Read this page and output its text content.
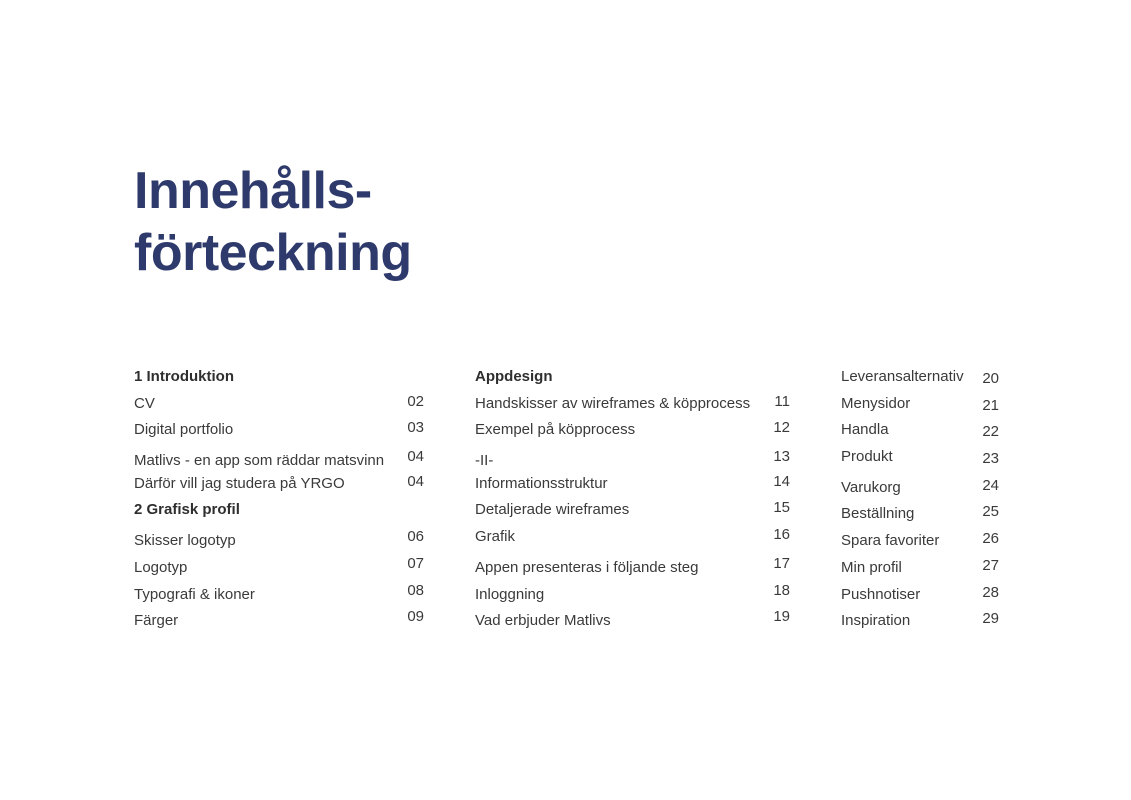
Innehålls-
förteckning
1 Introduktion
CV	02
Digital portfolio	03
Matlivs - en app som räddar matsvinn 04
Därför vill jag studera på YRGO	04
2 Grafisk profil
Skisser logotyp	06
Logotyp	07
Typografi & ikoner	08
Färger	09
Appdesign
Handskisser av wireframes & köpprocess 11
Exempel på köpprocess	12
-II-	13
Informationsstruktur	14
Detaljerade wireframes	15
Grafik	16
Appen presenteras i följande steg	17
Inloggning	18
Vad erbjuder Matlivs	19
Leveransalternativ 20
Menysidor	21
Handla	22
Produkt	23
Varukorg	24
Beställning	25
Spara favoriter	26
Min profil	27
Pushnotiser	28
Inspiration	29
